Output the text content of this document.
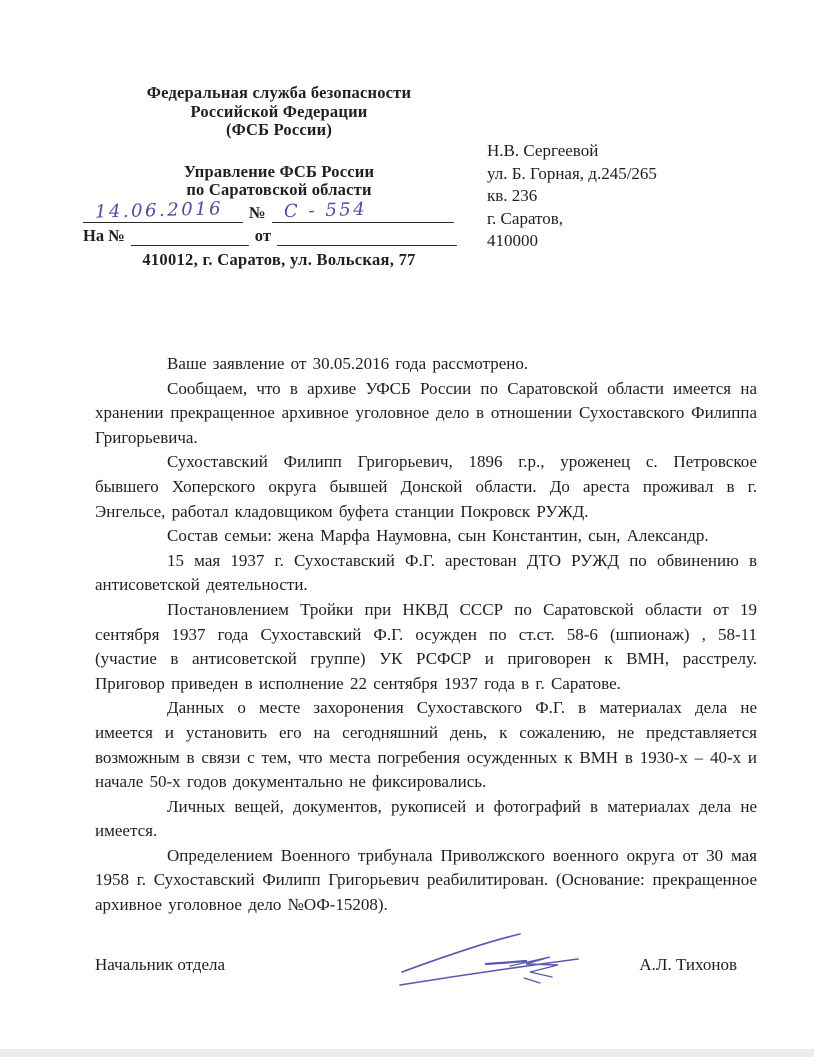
Федеральная служба безопасности
Российской Федерации
(ФСБ России)
Управление ФСБ России
по Саратовской области
14.06.2016	№ С - 554
На №	от
410012, г. Саратов, ул. Вольская, 77
Н.В. Сергеевой
ул. Б. Горная, д.245/265
кв. 236
г. Саратов,
410000

Ваше заявление от 30.05.2016 года рассмотрено.

Сообщаем, что в архиве УФСБ России по Саратовской области имеется на хранении прекращенное архивное уголовное дело в отношении Сухоставского Филиппа Григорьевича.

Сухоставский Филипп Григорьевич, 1896 г.р., уроженец с. Петровское бывшего Хоперского округа бывшей Донской области. До ареста проживал в г. Энгельсе, работал кладовщиком буфета станции Покровск РУЖД.

Состав семьи: жена Марфа Наумовна, сын Константин, сын, Александр.

15 мая 1937 г. Сухоставский Ф.Г. арестован ДТО РУЖД по обвинению в антисоветской деятельности.

Постановлением Тройки при НКВД СССР по Саратовской области от 19 сентября 1937 года Сухоставский Ф.Г. осужден по ст.ст. 58-6 (шпионаж) , 58-11 (участие в антисоветской группе) УК РСФСР и приговорен к ВМН, расстрелу. Приговор приведен в исполнение 22 сентября 1937 года в г. Саратове.

Данных о месте захоронения Сухоставского Ф.Г. в материалах дела не имеется и установить его на сегодняшний день, к сожалению, не представляется возможным в связи с тем, что места погребения осужденных к ВМН в 1930-х – 40-х и начале 50-х годов документально не фиксировались.

Личных вещей, документов, рукописей и фотографий в материалах дела не имеется.

Определением Военного трибунала Приволжского военного округа от 30 мая 1958 г. Сухоставский Филипп Григорьевич реабилитирован. (Основание: прекращенное архивное уголовное дело №ОФ-15208).

Начальник отдела	А.Л. Тихонов
